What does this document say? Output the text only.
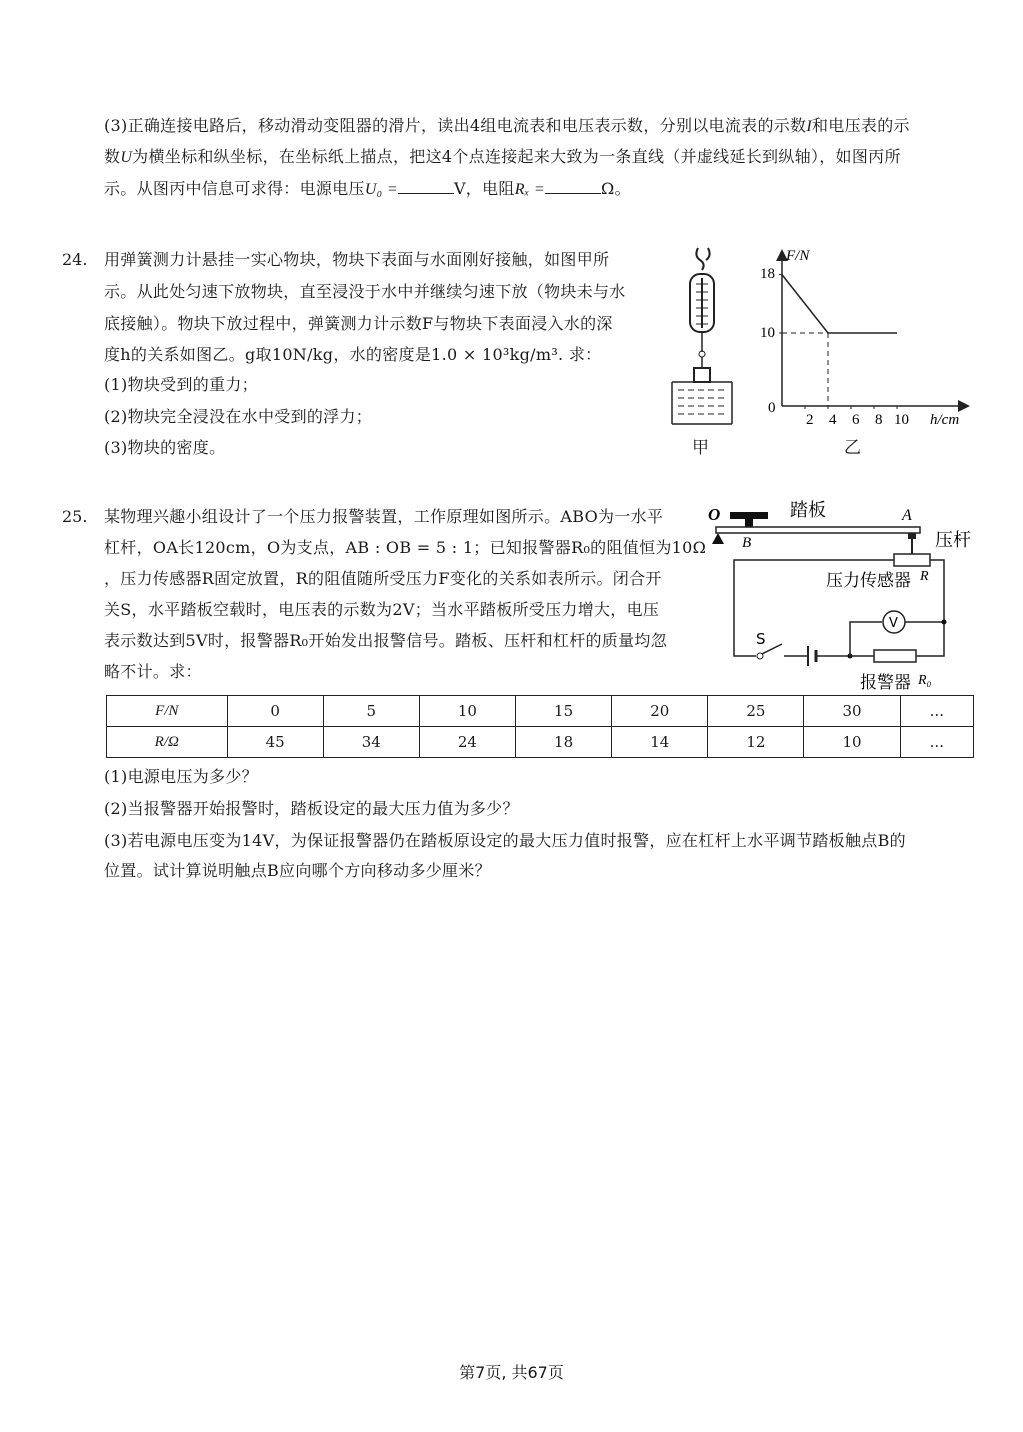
(3)正确连接电路后，移动滑动变阻器的滑片，读出4组电流表和电压表示数，分别以电流表的示数I和电压表的示
数U为横坐标和纵坐标，在坐标纸上描点，把这4个点连接起来大致为一条直线（并虚线延长到纵轴），如图丙所
示。从图丙中信息可求得：电源电压U₀ =	V，电阻Rₓ =	Ω。
24. 用弹簧测力计悬挂一实心物块，物块下表面与水面刚好接触，如图甲所
示。从此处匀速下放物块，直至浸没于水中并继续匀速下放（物块未与水
底接触）。物块下放过程中，弹簧测力计示数F与物块下表面浸入水的深
度h的关系如图乙。g取10N/kg，水的密度是1.0 × 10³kg/m³. 求：
(1)物块受到的重力；
(2)物块完全浸没在水中受到的浮力；
(3)物块的密度。	甲
F/N
18
10
0
2 4 6 8 10 h/cm
乙
25. 某物理兴趣小组设计了一个压力报警装置，工作原理如图所示。ABO为一水平
杠杆，OA长120cm，O为支点，AB : OB = 5 : 1；已知报警器R₀的阻值恒为10Ω
，压力传感器R固定放置，R的阻值随所受压力F变化的关系如表所示。闭合开
关S，水平踏板空载时，电压表的示数为2V；当水平踏板所受压力增大，电压
表示数达到5V时，报警器R₀开始发出报警信号。踏板、压杆和杠杆的质量均忽
略不计。求：
O	踏板	A
B	压杆
压力传感器 R
S
V
报警器 R₀
F/N	0	5	10	15	20	25	30	...
R/Ω	45	34	24	18	14	12	10	...
(1)电源电压为多少？
(2)当报警器开始报警时，踏板设定的最大压力值为多少？
(3)若电源电压变为14V，为保证报警器仍在踏板原设定的最大压力值时报警，应在杠杆上水平调节踏板触点B的
位置。试计算说明触点B应向哪个方向移动多少厘米？
第7页, 共67页
